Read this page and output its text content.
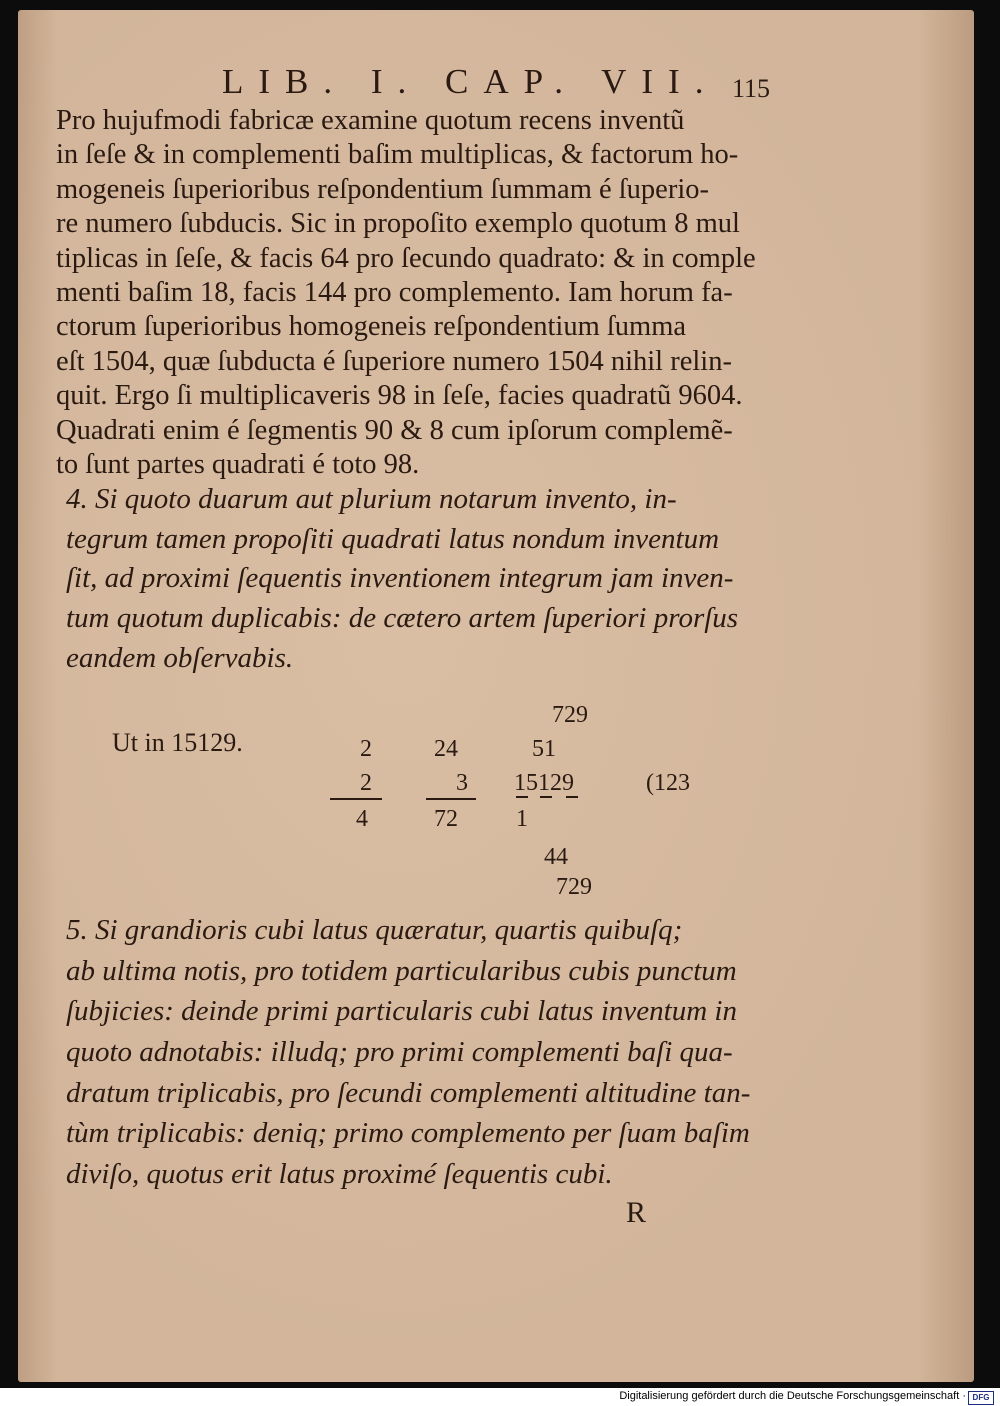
LIB. I. CAP. VII. 115
Pro hujufmodi fabricæ examine quotum recens inventũ
in ſeſe & in complementi baſim multiplicas, & factorum ho-
mogeneis ſuperioribus reſpondentium ſummam é ſuperio-
re numero ſubducis. Sic in propoſito exemplo quotum 8 mul
tiplicas in ſeſe, & facis 64 pro ſecundo quadrato: & in comple
menti baſim 18, facis 144 pro complemento. Iam horum fa-
ctorum ſuperioribus homogeneis reſpondentium ſumma
eſt 1504, quæ ſubducta é ſuperiore numero 1504 nihil relin-
quit. Ergo ſi multiplicaveris 98 in ſeſe, facies quadratũ 9604.
Quadrati enim é ſegmentis 90 & 8 cum ipſorum complemẽ-
to ſunt partes quadrati é toto 98.
4. Si quoto duarum aut plurium notarum invento, in-
tegrum tamen propoſiti quadrati latus nondum inventum
ſit, ad proximi ſequentis inventionem integrum jam inven-
tum quotum duplicabis: de cætero artem ſuperiori prorſus
eandem obſervabis.
Ut in 15129.	2
2
4
24
3
72
729
51
15129
1
44
729
(123
5. Si grandioris cubi latus quæratur, quartis quibuſq;
ab ultima notis, pro totidem particularibus cubis punctum
ſubjicies: deinde primi particularis cubi latus inventum in
quoto adnotabis: illudq; pro primi complementi baſi qua-
dratum triplicabis, pro ſecundi complementi altitudine tan-
tùm triplicabis: deniq; primo complemento per ſuam baſim
diviſo, quotus erit latus proximé ſequentis cubi.
R
Digitalisierung gefördert durch die Deutsche Forschungsgemeinschaft · DFG
